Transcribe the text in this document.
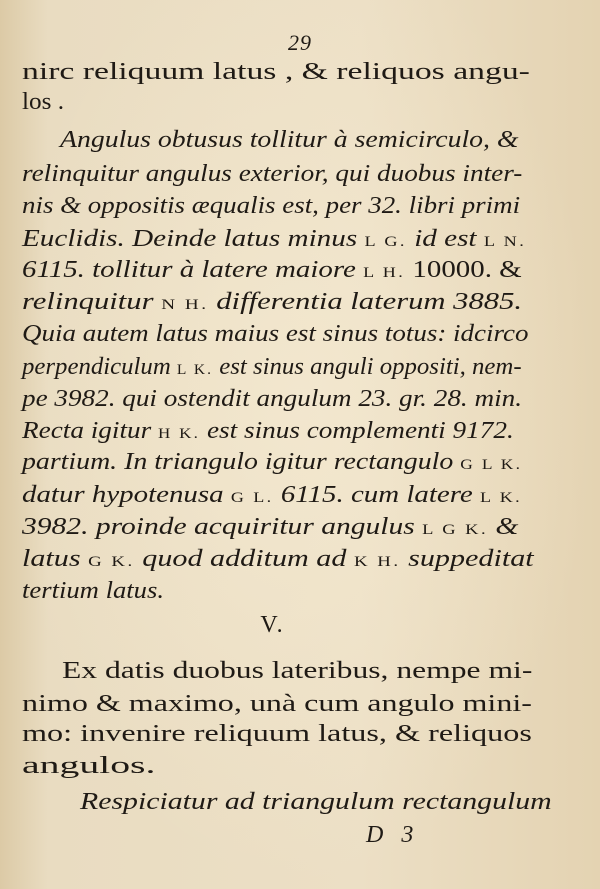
29
nirc reliquum latus , & reliquos angu-
los .
Angulus obtusus tollitur à semicirculo, &
relinquitur angulus exterior, qui duobus inter-
nis & oppositis æqualis est, per 32. libri primi
Euclidis. Deinde latus minus L G. id est L N.
6115. tollitur à latere maiore L H. 10000. &
relinquitur N H. differentia laterum 3885.
Quia autem latus maius est sinus totus: idcirco
perpendiculum L K. est sinus anguli oppositi, nem-
pe 3982. qui ostendit angulum 23. gr. 28. min.
Recta igitur H K. est sinus complementi 9172.
partium. In triangulo igitur rectangulo G L K.
datur hypotenusa G L. 6115. cum latere L K.
3982. proinde acquiritur angulus L G K. &
latus G K. quod additum ad K H. suppeditat
tertium latus.
Ex datis duobus lateribus, nempe mi-
nimo & maximo, unà cum angulo mini-
mo: invenire reliquum latus, & reliquos
angulos.
Respiciatur ad triangulum rectangulum
V.
D 3
